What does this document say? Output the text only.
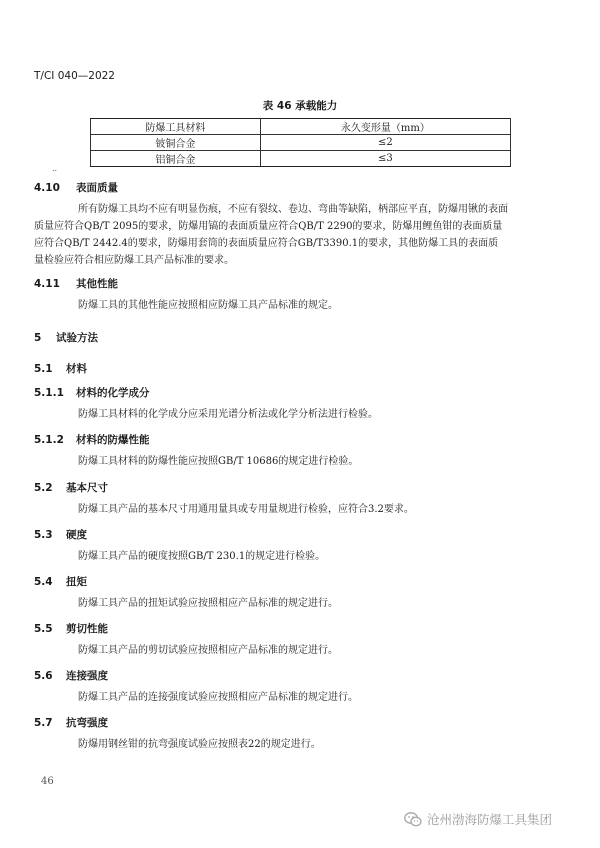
T/CI 040—2022
表 46 承载能力
防爆工具材料	永久变形量（mm）
铍铜合金	≤2
铝铜合金	≤3
..
4.10 表面质量
所有防爆工具均不应有明显伤痕，不应有裂纹、卷边、弯曲等缺陷，柄部应平直，防爆用锹的表面
质量应符合QB/T 2095的要求，防爆用镐的表面质量应符合QB/T 2290的要求，防爆用鲤鱼钳的表面质量
应符合QB/T 2442.4的要求，防爆用套筒的表面质量应符合GB/T3390.1的要求，其他防爆工具的表面质
量检验应符合相应防爆工具产品标准的要求。
4.11 其他性能
防爆工具的其他性能应按照相应防爆工具产品标准的规定。
5 试验方法
5.1 材料
5.1.1 材料的化学成分
防爆工具材料的化学成分应采用光谱分析法或化学分析法进行检验。
5.1.2 材料的防爆性能
防爆工具材料的防爆性能应按照GB/T 10686的规定进行检验。
5.2 基本尺寸
防爆工具产品的基本尺寸用通用量具或专用量规进行检验，应符合3.2要求。
5.3 硬度
防爆工具产品的硬度按照GB/T 230.1的规定进行检验。
5.4 扭矩
防爆工具产品的扭矩试验应按照相应产品标准的规定进行。
5.5 剪切性能
防爆工具产品的剪切试验应按照相应产品标准的规定进行。
5.6 连接强度
防爆工具产品的连接强度试验应按照相应产品标准的规定进行。
5.7 抗弯强度
防爆用钢丝钳的抗弯强度试验应按照表22的规定进行。
46
沧州渤海防爆工具集团
